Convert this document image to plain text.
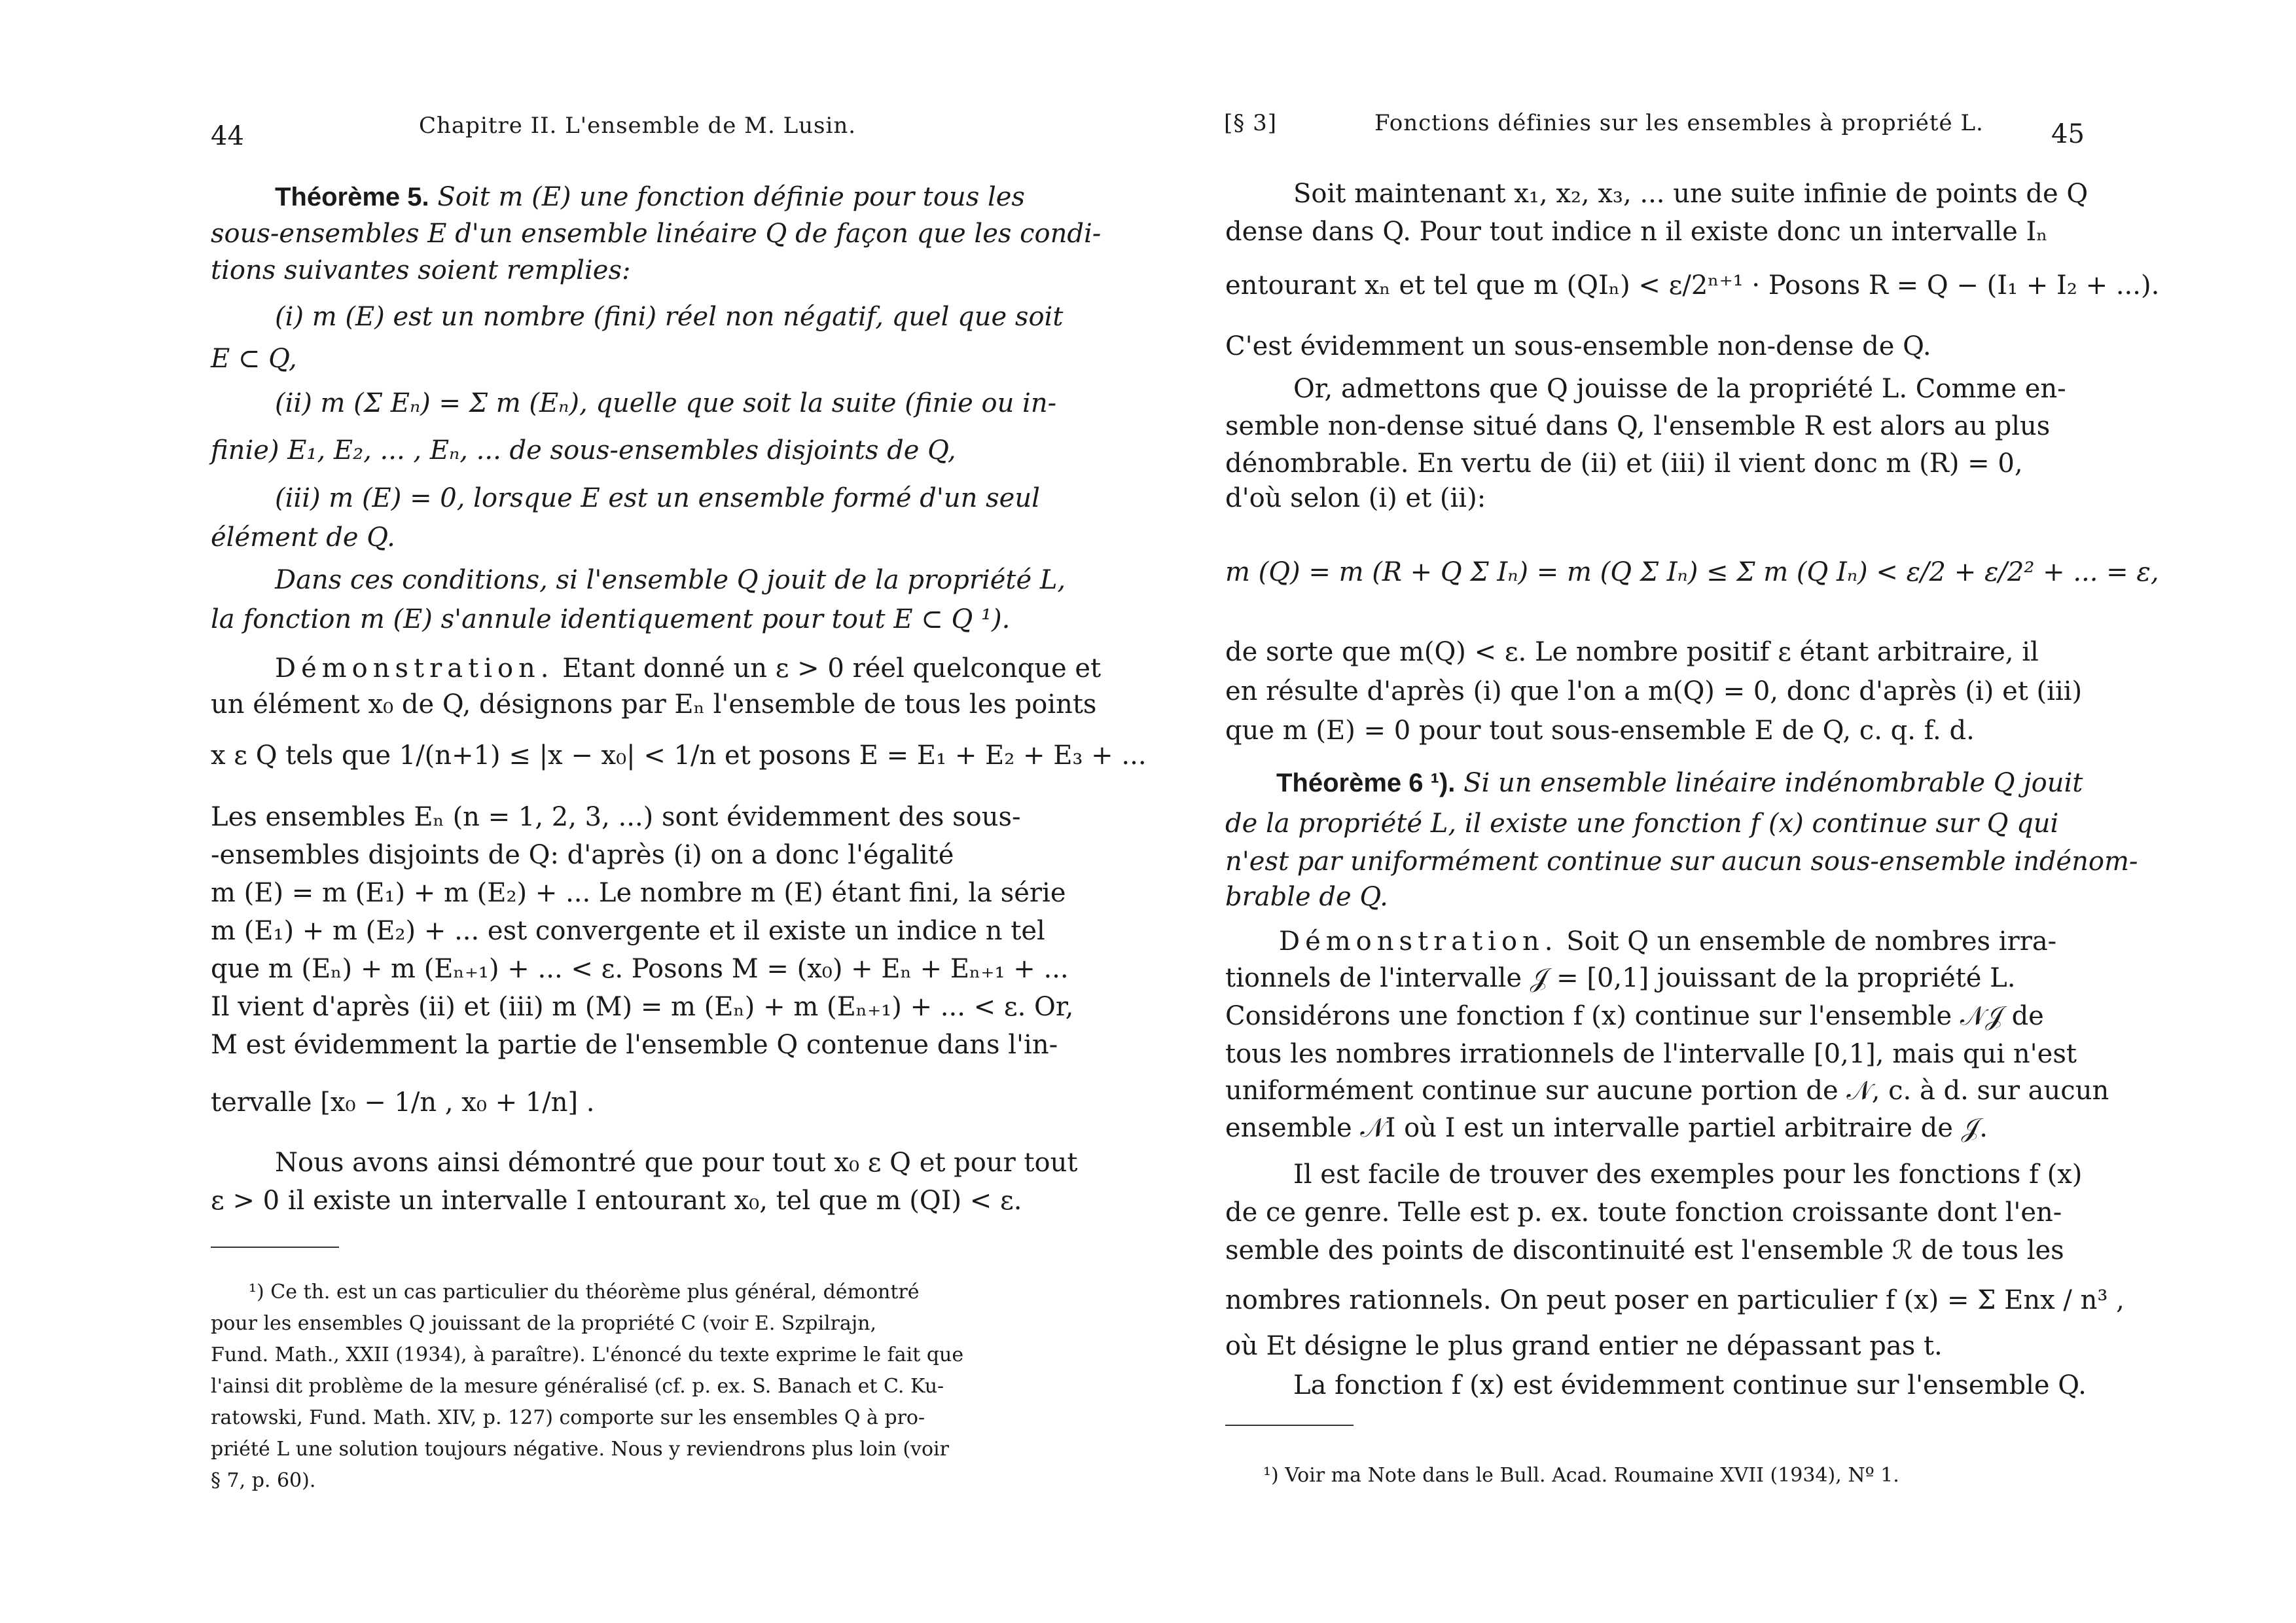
44	Chapitre II. L'ensemble de M. Lusin.
Théorème 5. Soit m (E) une fonction définie pour tous les
sous-ensembles E d'un ensemble linéaire Q de façon que les condi-
tions suivantes soient remplies:
(i) m (E) est un nombre (fini) réel non négatif, quel que soit
E ⊂ Q,
(ii) m (Σ Eₙ) = Σ m (Eₙ), quelle que soit la suite (finie ou in-
finie) E₁, E₂, ... , Eₙ, ... de sous-ensembles disjoints de Q,
(iii) m (E) = 0, lorsque E est un ensemble formé d'un seul
élément de Q.
Dans ces conditions, si l'ensemble Q jouit de la propriété L,
la fonction m (E) s'annule identiquement pour tout E ⊂ Q ¹).
Démonstration. Etant donné un ε > 0 réel quelconque et
un élément x₀ de Q, désignons par Eₙ l'ensemble de tous les points
x ε Q tels que 1/(n+1) ≤ |x − x₀| < 1/n et posons E = E₁ + E₂ + E₃ + ...
Les ensembles Eₙ (n = 1, 2, 3, ...) sont évidemment des sous-
-ensembles disjoints de Q: d'après (i) on a donc l'égalité
m (E) = m (E₁) + m (E₂) + ... Le nombre m (E) étant fini, la série
m (E₁) + m (E₂) + ... est convergente et il existe un indice n tel
que m (Eₙ) + m (Eₙ₊₁) + ... < ε. Posons M = (x₀) + Eₙ + Eₙ₊₁ + ...
Il vient d'après (ii) et (iii) m (M) = m (Eₙ) + m (Eₙ₊₁) + ... < ε. Or,
M est évidemment la partie de l'ensemble Q contenue dans l'in-
tervalle [x₀ − 1/n , x₀ + 1/n] .
Nous avons ainsi démontré que pour tout x₀ ε Q et pour tout
ε > 0 il existe un intervalle I entourant x₀, tel que m (QI) < ε.
¹) Ce th. est un cas particulier du théorème plus général, démontré
pour les ensembles Q jouissant de la propriété C (voir E. Szpilrajn,
Fund. Math., XXII (1934), à paraître). L'énoncé du texte exprime le fait que
l'ainsi dit problème de la mesure généralisé (cf. p. ex. S. Banach et C. Ku-
ratowski, Fund. Math. XIV, p. 127) comporte sur les ensembles Q à pro-
priété L une solution toujours négative. Nous y reviendrons plus loin (voir
§ 7, p. 60).
[§ 3]	Fonctions définies sur les ensembles à propriété L.	45
Soit maintenant x₁, x₂, x₃, ... une suite infinie de points de Q
dense dans Q. Pour tout indice n il existe donc un intervalle Iₙ
entourant xₙ et tel que m (QIₙ) < ε/2ⁿ⁺¹ · Posons R = Q − (I₁ + I₂ + ...).
C'est évidemment un sous-ensemble non-dense de Q.
Or, admettons que Q jouisse de la propriété L. Comme en-
semble non-dense situé dans Q, l'ensemble R est alors au plus
dénombrable. En vertu de (ii) et (iii) il vient donc m (R) = 0,
d'où selon (i) et (ii):
m (Q) = m (R + Q Σ Iₙ) = m (Q Σ Iₙ) ≤ Σ m (Q Iₙ) < ε/2 + ε/2² + ... = ε,
de sorte que m(Q) < ε. Le nombre positif ε étant arbitraire, il
en résulte d'après (i) que l'on a m(Q) = 0, donc d'après (i) et (iii)
que m (E) = 0 pour tout sous-ensemble E de Q, c. q. f. d.
Théorème 6 ¹). Si un ensemble linéaire indénombrable Q jouit
de la propriété L, il existe une fonction f (x) continue sur Q qui
n'est par uniformément continue sur aucun sous-ensemble indénom-
brable de Q.
Démonstration. Soit Q un ensemble de nombres irra-
tionnels de l'intervalle 𝒥 = [0,1] jouissant de la propriété L.
Considérons une fonction f (x) continue sur l'ensemble 𝒩𝒥 de
tous les nombres irrationnels de l'intervalle [0,1], mais qui n'est
uniformément continue sur aucune portion de 𝒩, c. à d. sur aucun
ensemble 𝒩I où I est un intervalle partiel arbitraire de 𝒥.
Il est facile de trouver des exemples pour les fonctions f (x)
de ce genre. Telle est p. ex. toute fonction croissante dont l'en-
semble des points de discontinuité est l'ensemble ℛ de tous les
nombres rationnels. On peut poser en particulier f (x) = Σ Enx / n³ ,
où Et désigne le plus grand entier ne dépassant pas t.
La fonction f (x) est évidemment continue sur l'ensemble Q.
¹) Voir ma Note dans le Bull. Acad. Roumaine XVII (1934), Nº 1.
